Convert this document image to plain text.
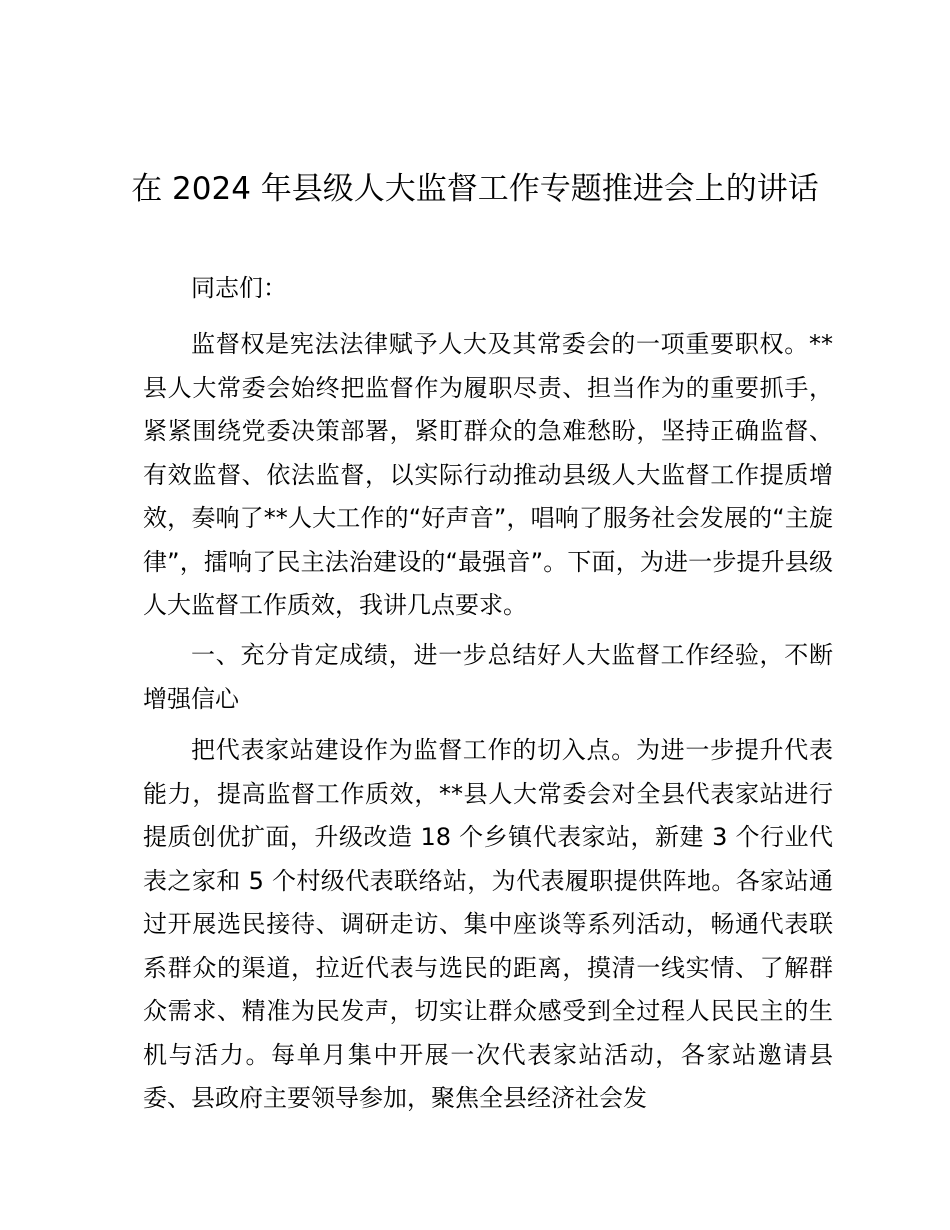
在 2024 年县级人大监督工作专题推进会上的讲话

同志们：

监督权是宪法法律赋予人大及其常委会的一项重要职权。**县人大常委会始终把监督作为履职尽责、担当作为的重要抓手，紧紧围绕党委决策部署，紧盯群众的急难愁盼，坚持正确监督、有效监督、依法监督，以实际行动推动县级人大监督工作提质增效，奏响了**人大工作的“好声音”，唱响了服务社会发展的“主旋律”，擂响了民主法治建设的“最强音”。下面，为进一步提升县级人大监督工作质效，我讲几点要求。

一、充分肯定成绩，进一步总结好人大监督工作经验，不断增强信心

把代表家站建设作为监督工作的切入点。为进一步提升代表能力，提高监督工作质效，**县人大常委会对全县代表家站进行提质创优扩面，升级改造 18 个乡镇代表家站，新建 3 个行业代表之家和 5 个村级代表联络站，为代表履职提供阵地。各家站通过开展选民接待、调研走访、集中座谈等系列活动，畅通代表联系群众的渠道，拉近代表与选民的距离，摸清一线实情、了解群众需求、精准为民发声，切实让群众感受到全过程人民民主的生机与活力。每单月集中开展一次代表家站活动，各家站邀请县委、县政府主要领导参加，聚焦全县经济社会发
